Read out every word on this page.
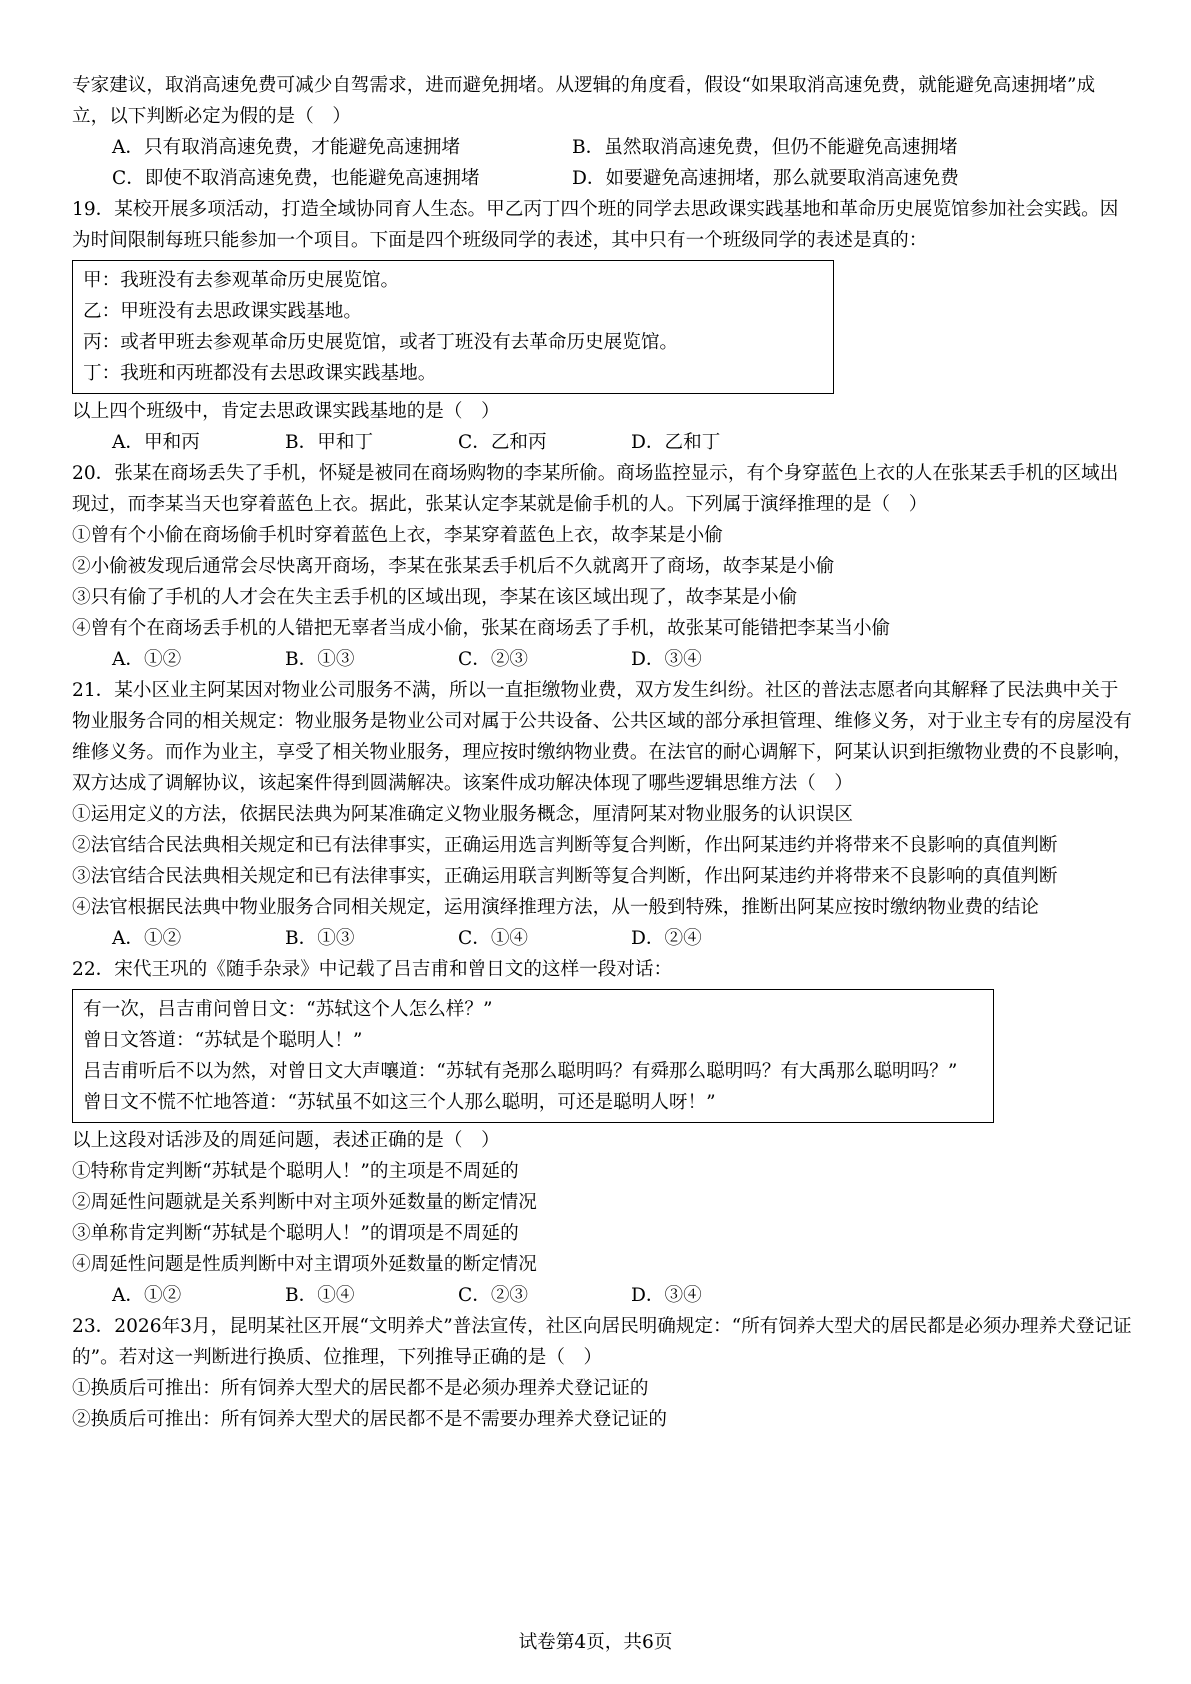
专家建议，取消高速免费可减少自驾需求，进而避免拥堵。从逻辑的角度看，假设“如果取消高速免费，就能避免高速拥堵”成立，以下判断必定为假的是（　）

A．只有取消高速免费，才能避免高速拥堵	B．虽然取消高速免费，但仍不能避免高速拥堵
C．即使不取消高速免费，也能避免高速拥堵	D．如要避免高速拥堵，那么就要取消高速免费

19．某校开展多项活动，打造全域协同育人生态。甲乙丙丁四个班的同学去思政课实践基地和革命历史展览馆参加社会实践。因为时间限制每班只能参加一个项目。下面是四个班级同学的表述，其中只有一个班级同学的表述是真的：

甲：我班没有去参观革命历史展览馆。

乙：甲班没有去思政课实践基地。

丙：或者甲班去参观革命历史展览馆，或者丁班没有去革命历史展览馆。

丁：我班和丙班都没有去思政课实践基地。

以上四个班级中，肯定去思政课实践基地的是（　）

A．甲和丙	B．甲和丁	C．乙和丙	D．乙和丁

20．张某在商场丢失了手机，怀疑是被同在商场购物的李某所偷。商场监控显示，有个身穿蓝色上衣的人在张某丢手机的区域出现过，而李某当天也穿着蓝色上衣。据此，张某认定李某就是偷手机的人。下列属于演绎推理的是（　）

①曾有个小偷在商场偷手机时穿着蓝色上衣，李某穿着蓝色上衣，故李某是小偷

②小偷被发现后通常会尽快离开商场，李某在张某丢手机后不久就离开了商场，故李某是小偷

③只有偷了手机的人才会在失主丢手机的区域出现，李某在该区域出现了，故李某是小偷

④曾有个在商场丢手机的人错把无辜者当成小偷，张某在商场丢了手机，故张某可能错把李某当小偷

A．①②	B．①③	C．②③	D．③④

21．某小区业主阿某因对物业公司服务不满，所以一直拒缴物业费，双方发生纠纷。社区的普法志愿者向其解释了民法典中关于物业服务合同的相关规定：物业服务是物业公司对属于公共设备、公共区域的部分承担管理、维修义务，对于业主专有的房屋没有维修义务。而作为业主，享受了相关物业服务，理应按时缴纳物业费。在法官的耐心调解下，阿某认识到拒缴物业费的不良影响，双方达成了调解协议，该起案件得到圆满解决。该案件成功解决体现了哪些逻辑思维方法（　）

①运用定义的方法，依据民法典为阿某准确定义物业服务概念，厘清阿某对物业服务的认识误区

②法官结合民法典相关规定和已有法律事实，正确运用选言判断等复合判断，作出阿某违约并将带来不良影响的真值判断

③法官结合民法典相关规定和已有法律事实，正确运用联言判断等复合判断，作出阿某违约并将带来不良影响的真值判断

④法官根据民法典中物业服务合同相关规定，运用演绎推理方法，从一般到特殊，推断出阿某应按时缴纳物业费的结论

A．①②	B．①③	C．①④	D．②④

22．宋代王巩的《随手杂录》中记载了吕吉甫和曾日文的这样一段对话：

有一次，吕吉甫问曾日文：“苏轼这个人怎么样？”

曾日文答道：“苏轼是个聪明人！”

吕吉甫听后不以为然，对曾日文大声嚷道：“苏轼有尧那么聪明吗？有舜那么聪明吗？有大禹那么聪明吗？”

曾日文不慌不忙地答道：“苏轼虽不如这三个人那么聪明，可还是聪明人呀！”

以上这段对话涉及的周延问题，表述正确的是（　）

①特称肯定判断“苏轼是个聪明人！”的主项是不周延的

②周延性问题就是关系判断中对主项外延数量的断定情况

③单称肯定判断“苏轼是个聪明人！”的谓项是不周延的

④周延性问题是性质判断中对主谓项外延数量的断定情况

A．①②	B．①④	C．②③	D．③④

23．2026年3月，昆明某社区开展“文明养犬”普法宣传，社区向居民明确规定：“所有饲养大型犬的居民都是必须办理养犬登记证的”。若对这一判断进行换质、位推理，下列推导正确的是（　）

①换质后可推出：所有饲养大型犬的居民都不是必须办理养犬登记证的

②换质后可推出：所有饲养大型犬的居民都不是不需要办理养犬登记证的

试卷第4页，共6页
